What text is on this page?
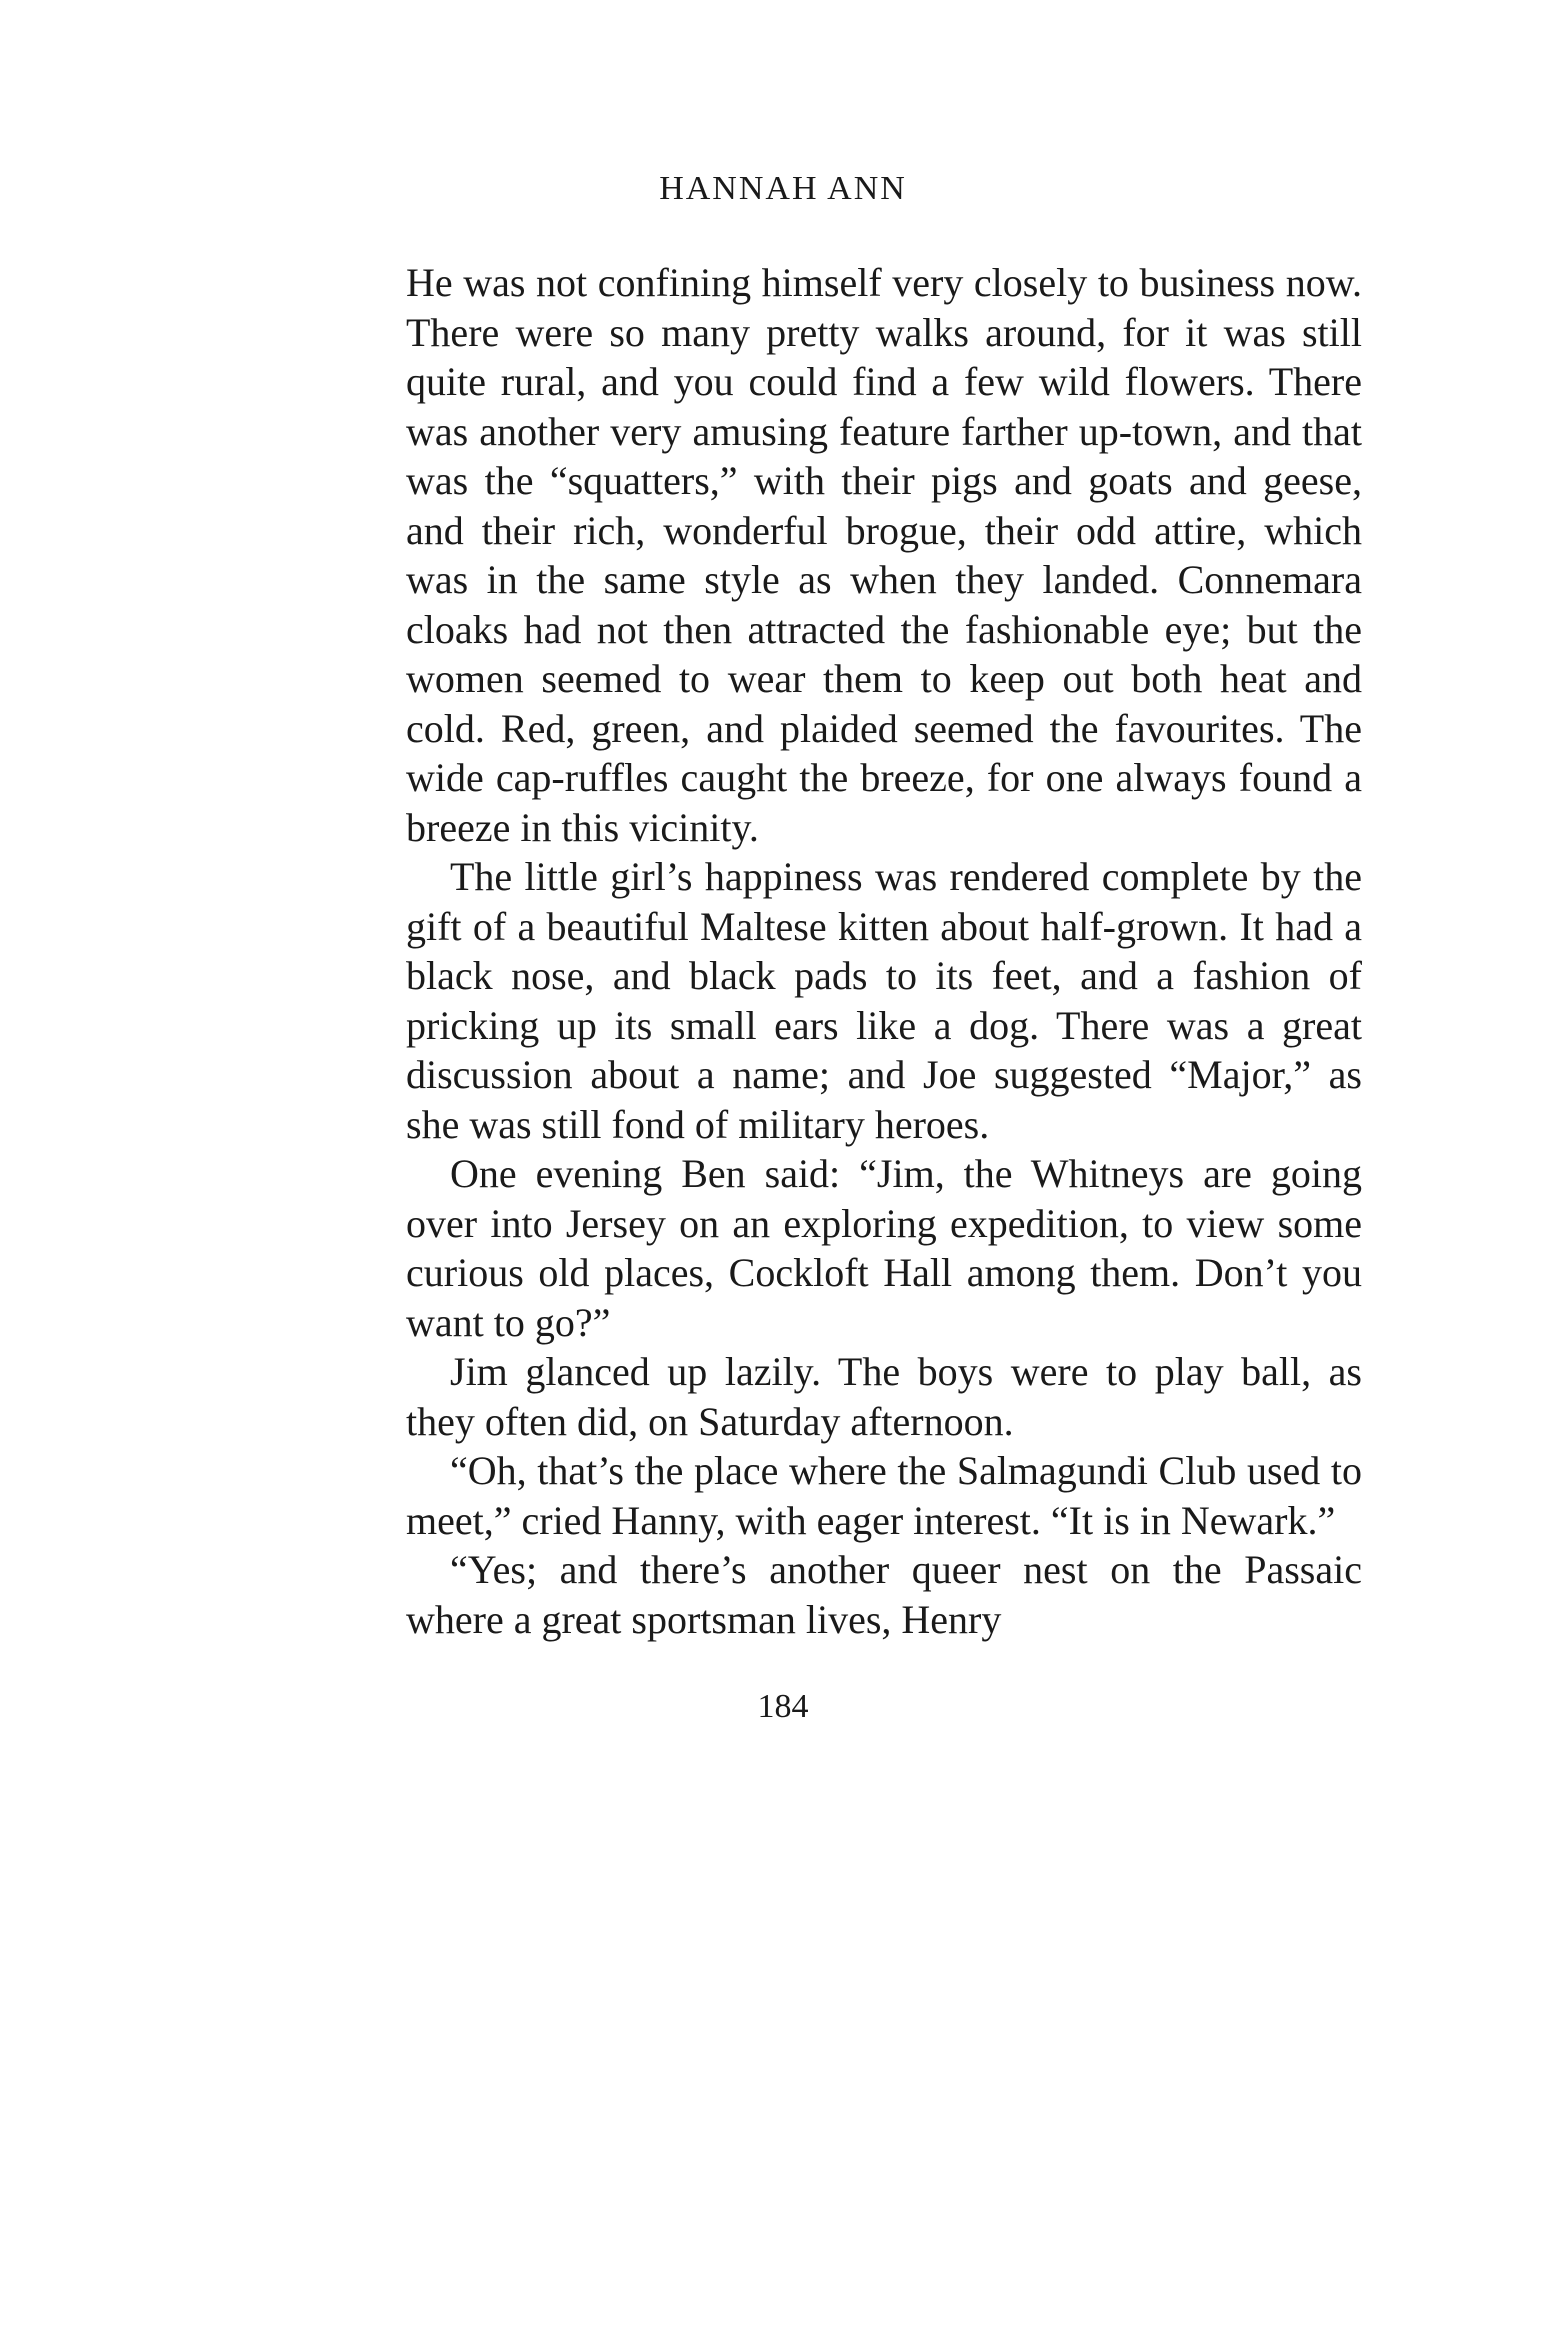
HANNAH ANN

He was not confining himself very closely to business now. There were so many pretty walks around, for it was still quite rural, and you could find a few wild flowers. There was another very amusing feature farther up-town, and that was the “squatters,” with their pigs and goats and geese, and their rich, wonderful brogue, their odd attire, which was in the same style as when they landed. Connemara cloaks had not then attracted the fashionable eye; but the women seemed to wear them to keep out both heat and cold. Red, green, and plaided seemed the favourites. The wide cap-ruffles caught the breeze, for one always found a breeze in this vicinity.

The little girl’s happiness was rendered complete by the gift of a beautiful Maltese kitten about half-grown. It had a black nose, and black pads to its feet, and a fashion of pricking up its small ears like a dog. There was a great discussion about a name; and Joe suggested “Major,” as she was still fond of military heroes.

One evening Ben said: “Jim, the Whitneys are going over into Jersey on an exploring expedition, to view some curious old places, Cockloft Hall among them. Don’t you want to go?”

Jim glanced up lazily. The boys were to play ball, as they often did, on Saturday afternoon.

“Oh, that’s the place where the Salmagundi Club used to meet,” cried Hanny, with eager interest. “It is in Newark.”

“Yes; and there’s another queer nest on the Passaic where a great sportsman lives, Henry

184
